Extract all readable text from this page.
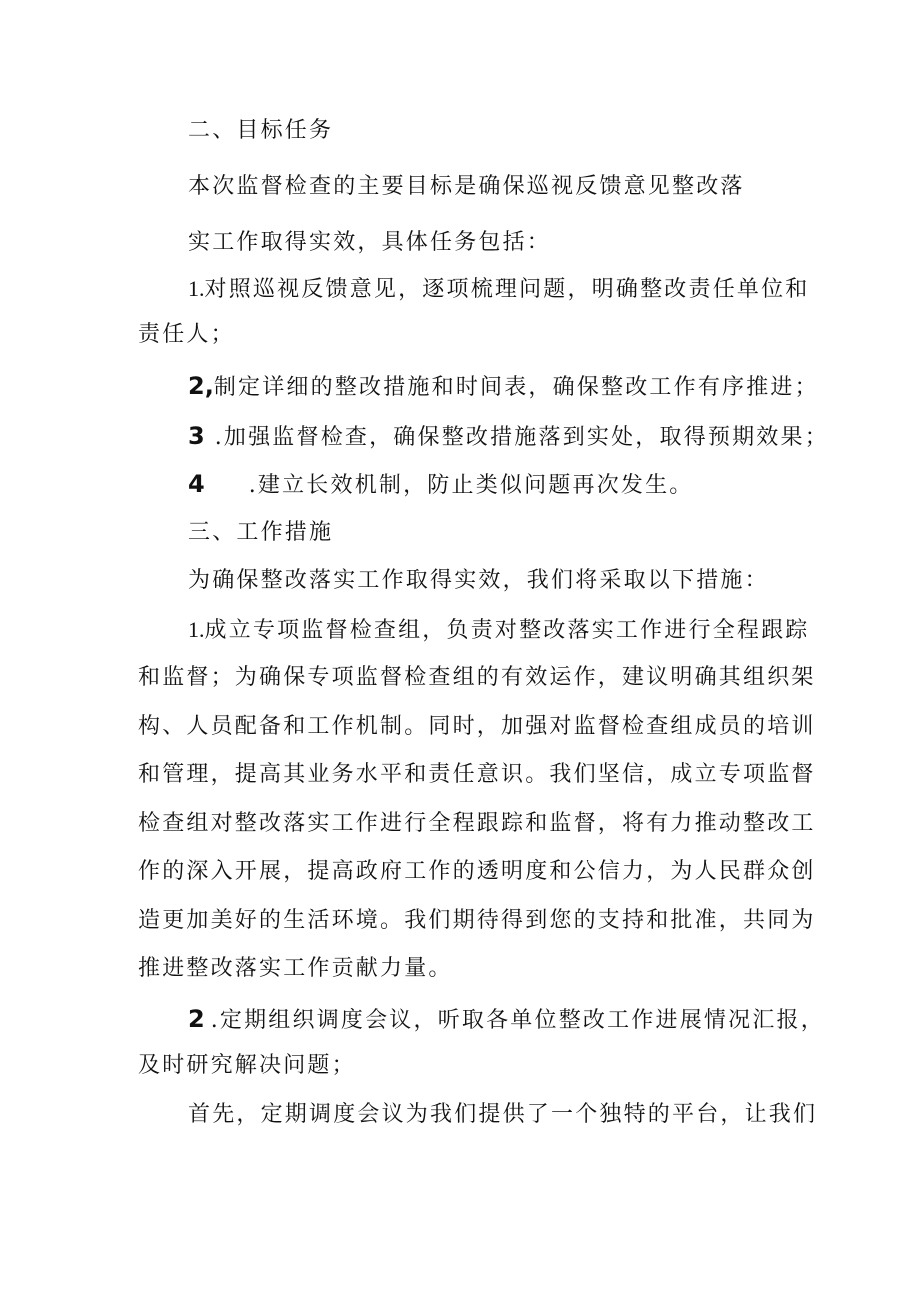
二、目标任务
本次监督检查的主要目标是确保巡视反馈意见整改落
实工作取得实效，具体任务包括：
1.对照巡视反馈意见，逐项梳理问题，明确整改责任单位和
责任人；
2,制定详细的整改措施和时间表，确保整改工作有序推进；
3 .加强监督检查，确保整改措施落到实处，取得预期效果；
4 .建立长效机制，防止类似问题再次发生。
三、工作措施
为确保整改落实工作取得实效，我们将采取以下措施：
1.成立专项监督检查组，负责对整改落实工作进行全程跟踪
和监督；为确保专项监督检查组的有效运作，建议明确其组织架
构、人员配备和工作机制。同时，加强对监督检查组成员的培训
和管理，提高其业务水平和责任意识。我们坚信，成立专项监督
检查组对整改落实工作进行全程跟踪和监督，将有力推动整改工
作的深入开展，提高政府工作的透明度和公信力，为人民群众创
造更加美好的生活环境。我们期待得到您的支持和批准，共同为
推进整改落实工作贡献力量。
2 .定期组织调度会议，听取各单位整改工作进展情况汇报，
及时研究解决问题；
首先，定期调度会议为我们提供了一个独特的平台，让我们
